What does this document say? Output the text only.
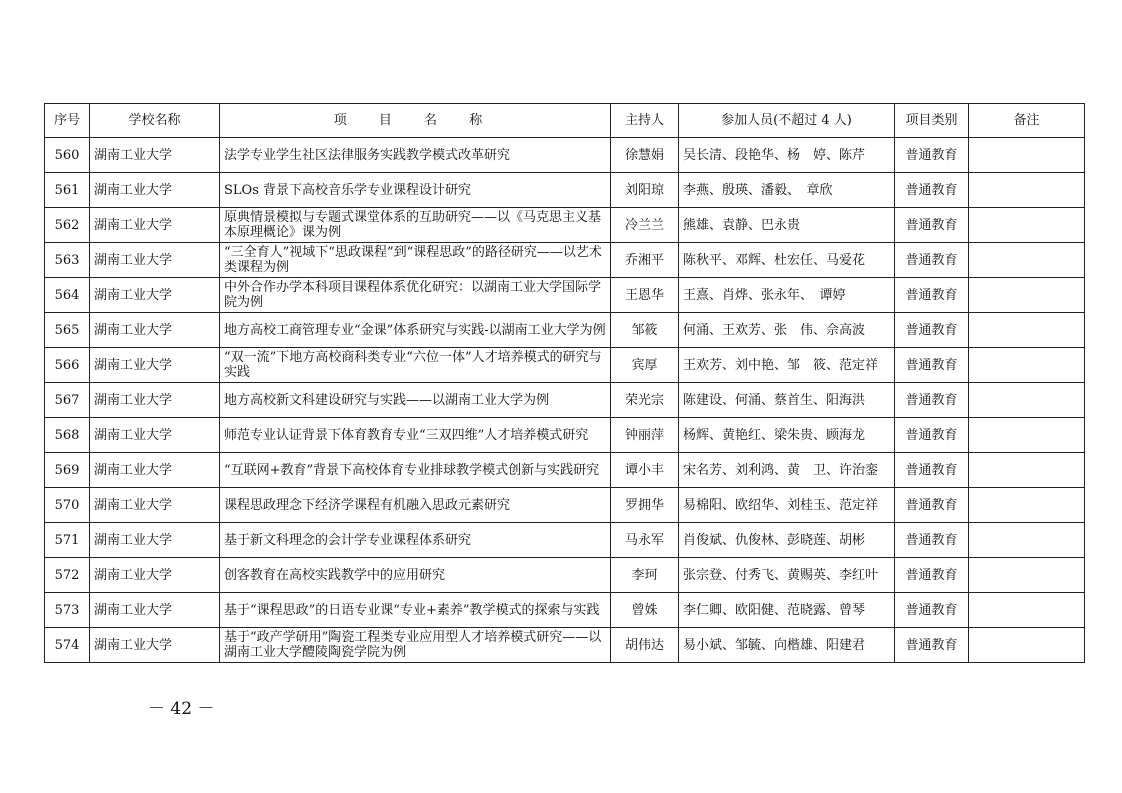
序号	学校名称	项 目 名 称	主持人	参加人员(不超过 4 人)	项目类别	备注
560	湖南工业大学	法学专业学生社区法律服务实践教学模式改革研究	徐慧娟	吴长清、段艳华、杨　婷、陈芹	普通教育	
561	湖南工业大学	SLOs 背景下高校音乐学专业课程设计研究	刘阳琼	李燕、殷瑛、潘毅、　章欣	普通教育	
562	湖南工业大学	原典情景模拟与专题式课堂体系的互助研究——以《马克思主义基本原理概论》课为例	冷兰兰	熊雄、袁静、巴永贵	普通教育	
563	湖南工业大学	“三全育人”视域下“思政课程”到“课程思政”的路径研究——以艺术类课程为例	乔湘平	陈秋平、邓辉、杜宏任、马爱花	普通教育	
564	湖南工业大学	中外合作办学本科项目课程体系优化研究：以湖南工业大学国际学院为例	王恩华	王熹、肖烨、张永年、　谭婷	普通教育	
565	湖南工业大学	地方高校工商管理专业“金课”体系研究与实践-以湖南工业大学为例	邹筱	何涌、王欢芳、张　伟、佘高波	普通教育	
566	湖南工业大学	“双一流”下地方高校商科类专业“六位一体”人才培养模式的研究与实践	宾厚	王欢芳、刘中艳、邹　筱、范定祥	普通教育	
567	湖南工业大学	地方高校新文科建设研究与实践——以湖南工业大学为例	荣光宗	陈建设、何涌、蔡首生、阳海洪	普通教育	
568	湖南工业大学	师范专业认证背景下体育教育专业“三双四维”人才培养模式研究	钟丽萍	杨辉、黄艳红、梁朱贵、顾海龙	普通教育	
569	湖南工业大学	“互联网+教育”背景下高校体育专业排球教学模式创新与实践研究	谭小丰	宋名芳、刘利鸿、黄　卫、许治銮	普通教育	
570	湖南工业大学	课程思政理念下经济学课程有机融入思政元素研究	罗拥华	易棉阳、欧绍华、刘桂玉、范定祥	普通教育	
571	湖南工业大学	基于新文科理念的会计学专业课程体系研究	马永军	肖俊斌、仇俊林、彭晓莲、胡彬	普通教育	
572	湖南工业大学	创客教育在高校实践教学中的应用研究	李珂	张宗登、付秀飞、黄赐英、李红叶	普通教育	
573	湖南工业大学	基于“课程思政”的日语专业课“专业+素养”教学模式的探索与实践	曾姝	李仁卿、欧阳健、范晓露、曾琴	普通教育	
574	湖南工业大学	基于“政产学研用”陶瓷工程类专业应用型人才培养模式研究——以湖南工业大学醴陵陶瓷学院为例	胡伟达	易小斌、邹毓、向楷雄、阳建君	普通教育	
－ 42 －
